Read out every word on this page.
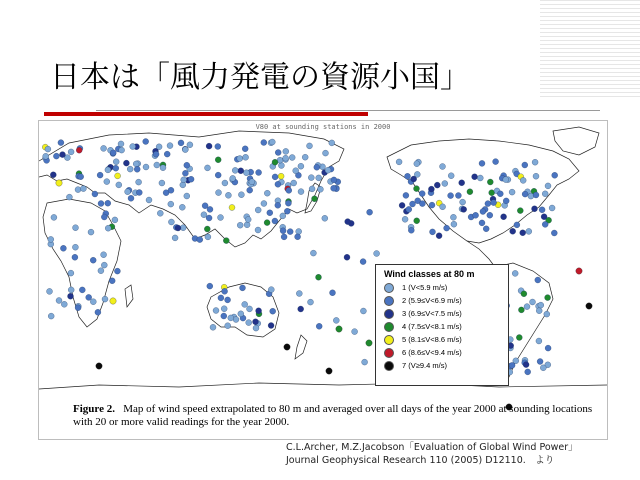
日本は「風力発電の資源小国」
V80 at sounding stations in 2000
Wind classes at 80 m
1 (V<5.9 m/s)
2 (5.9≤V<6.9 m/s)
3 (6.9≤V<7.5 m/s)
4 (7.5≤V<8.1 m/s)
5 (8.1≤V<8.6 m/s)
6 (8.6≤V<9.4 m/s)
7 (V≥9.4 m/s)
Figure 2. Map of wind speed extrapolated to 80 m and averaged over all days of the year 2000 at sounding locations with 20 or more valid readings for the year 2000.
C.L.Archer, M.Z.Jacobson「Evaluation of Global Wind Power」
Journal Geophysical Research 110 (2005) D12110.　より
